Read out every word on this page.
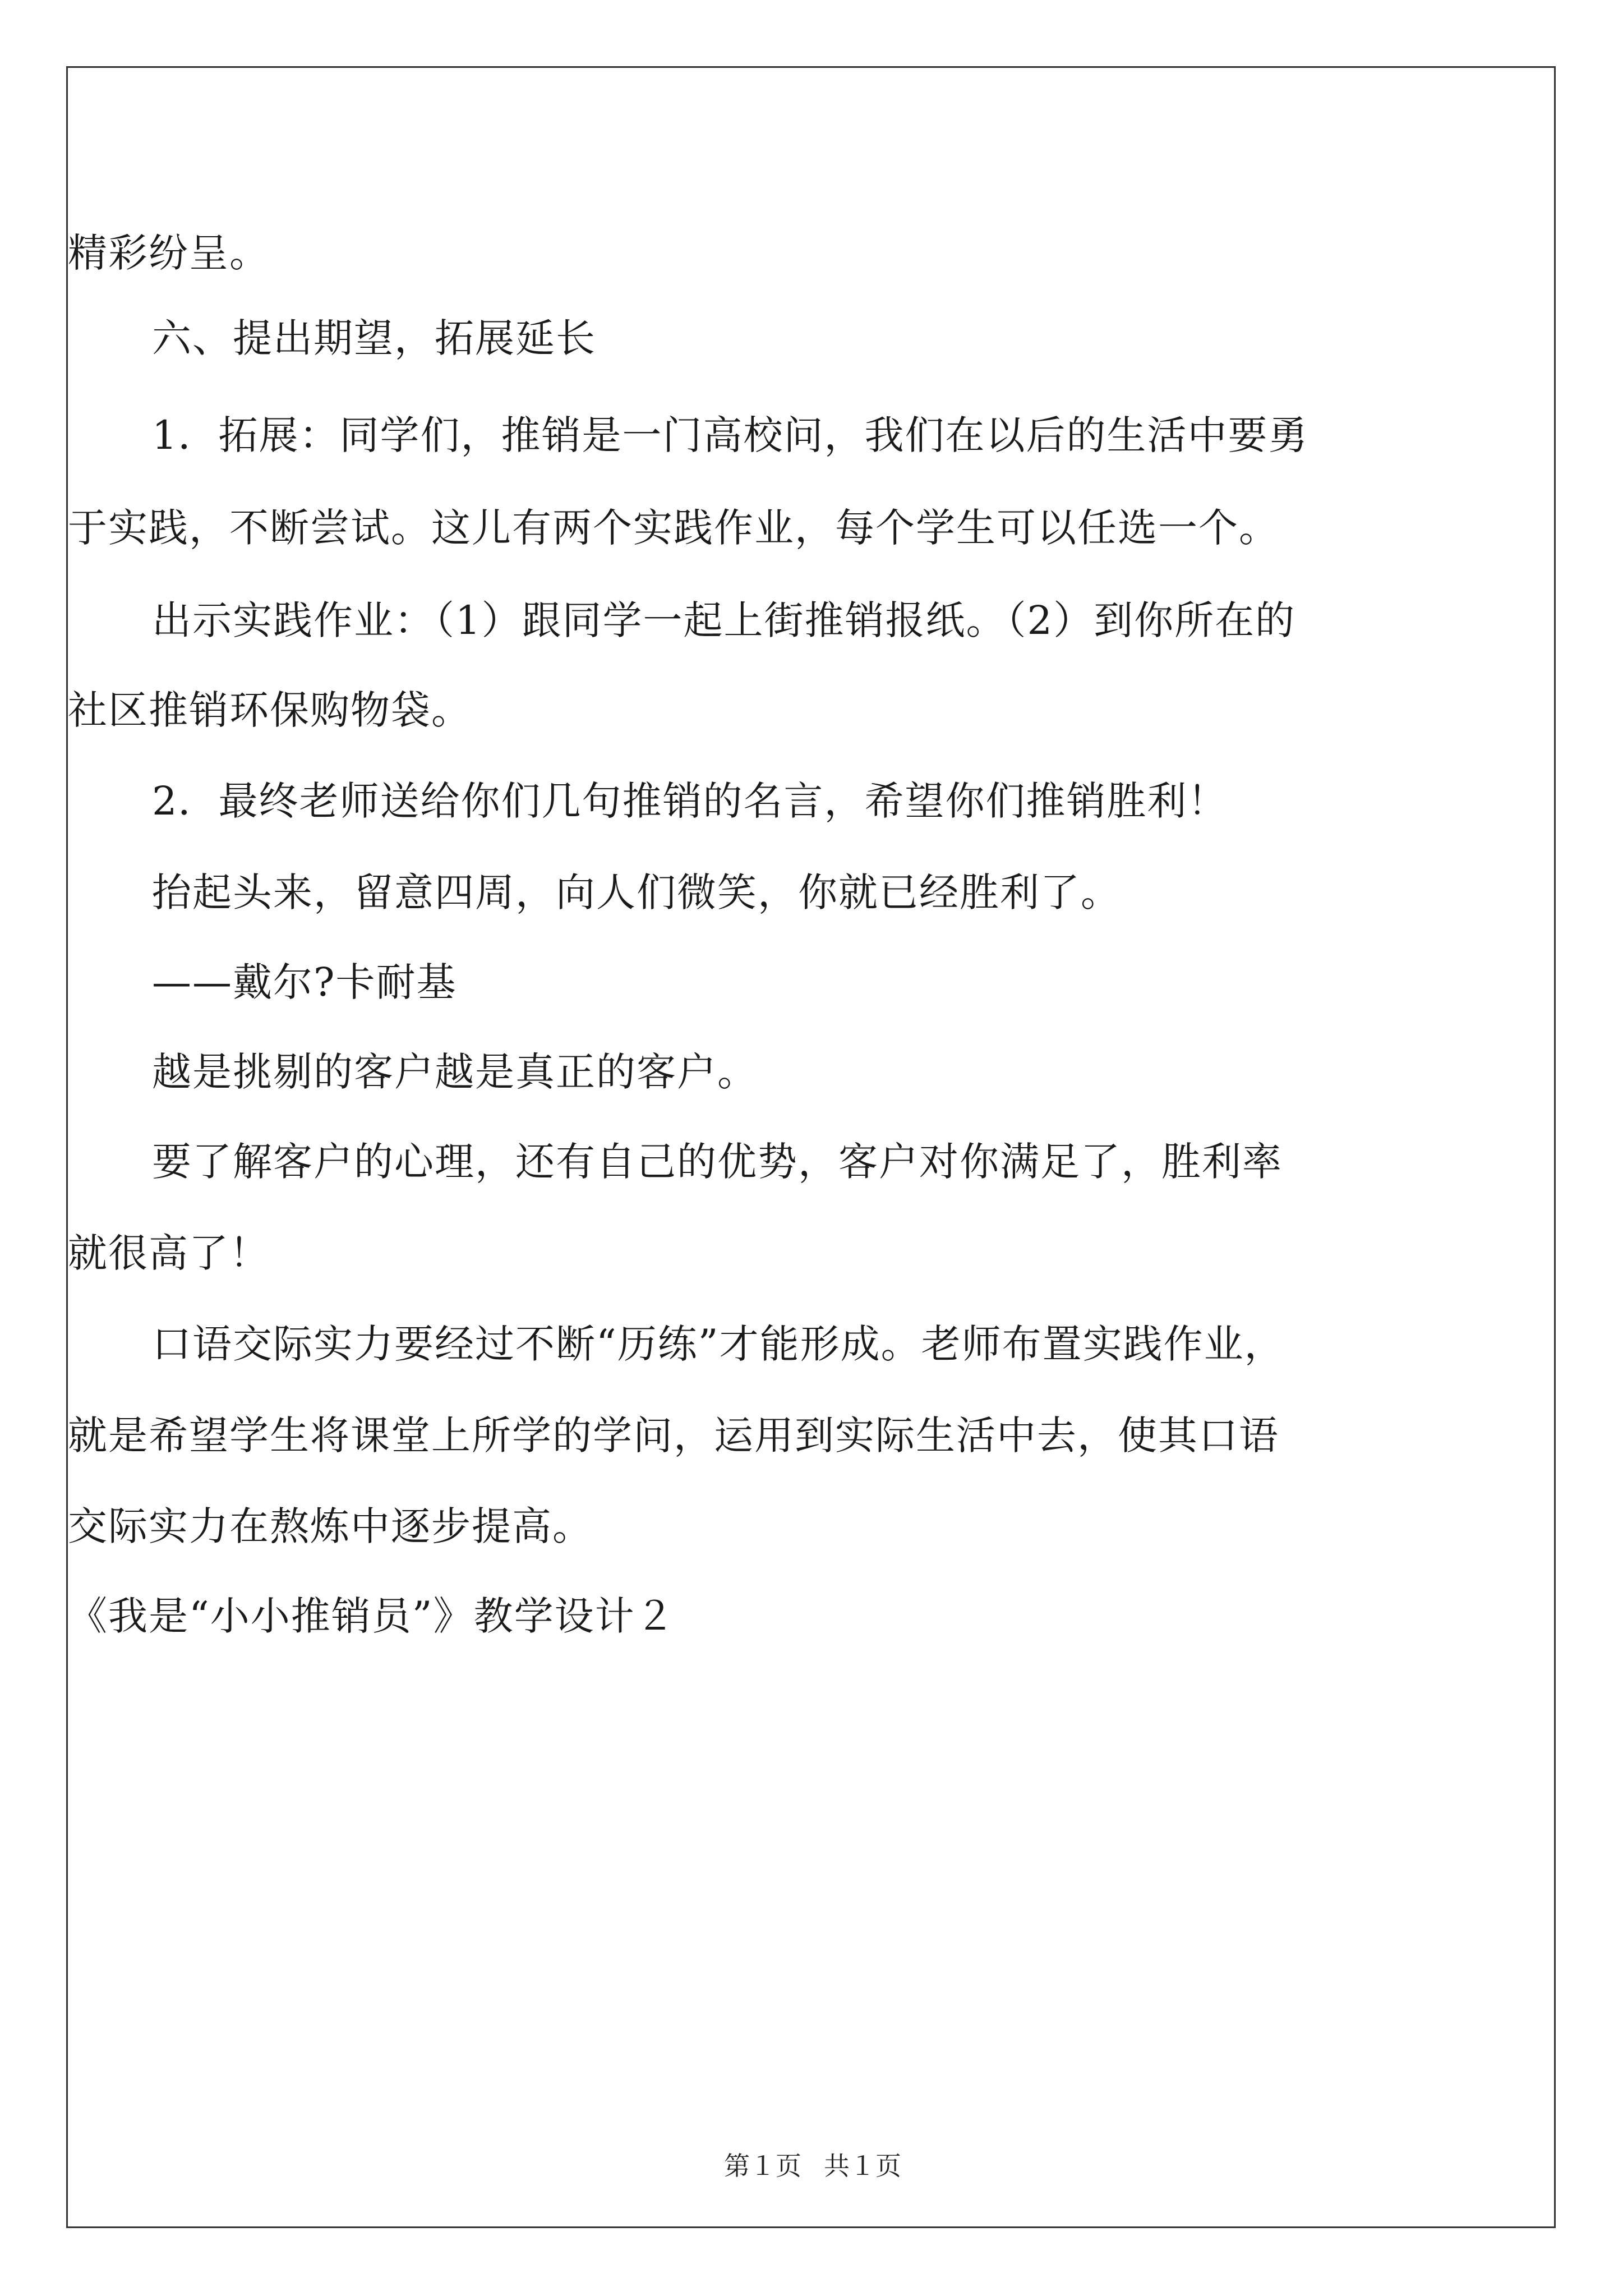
精彩纷呈。
六、提出期望，拓展延长
1．拓展：同学们，推销是一门高校问，我们在以后的生活中要勇
于实践，不断尝试。这儿有两个实践作业，每个学生可以任选一个。
出示实践作业：（1）跟同学一起上街推销报纸。（2）到你所在的
社区推销环保购物袋。
2．最终老师送给你们几句推销的名言，希望你们推销胜利！
抬起头来，留意四周，向人们微笑，你就已经胜利了。
——戴尔?卡耐基
越是挑剔的客户越是真正的客户。
要了解客户的心理，还有自己的优势，客户对你满足了，胜利率
就很高了！
口语交际实力要经过不断“历练”才能形成。老师布置实践作业，
就是希望学生将课堂上所学的学问，运用到实际生活中去，使其口语
交际实力在熬炼中逐步提高。
《我是“小小推销员”》教学设计２
第１页 共１页
